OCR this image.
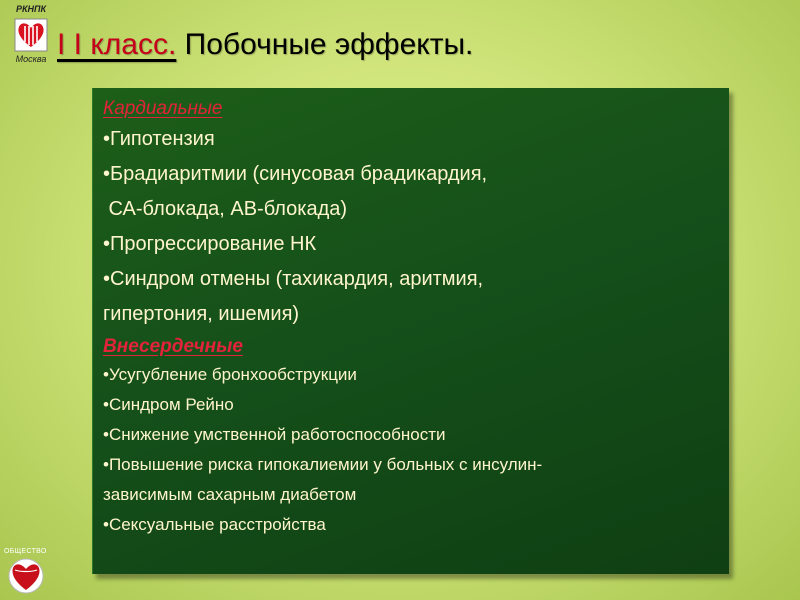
РКНПК
Москва I I класс. Побочные эффекты.
Кардиальные
•Гипотензия
•Брадиаритмии (синусовая брадикардия,
СА-блокада, АВ-блокада)
•Прогрессирование НК
•Синдром отмены (тахикардия, аритмия,
гипертония, ишемия)
Внесердечные
•Усугубление бронхообструкции
•Синдром Рейно
•Снижение умственной работоспособности
•Повышение риска гипокалиемии у больных с инсулин-
зависимым сахарным диабетом
•Сексуальные расстройства
ОБЩЕСТВО
